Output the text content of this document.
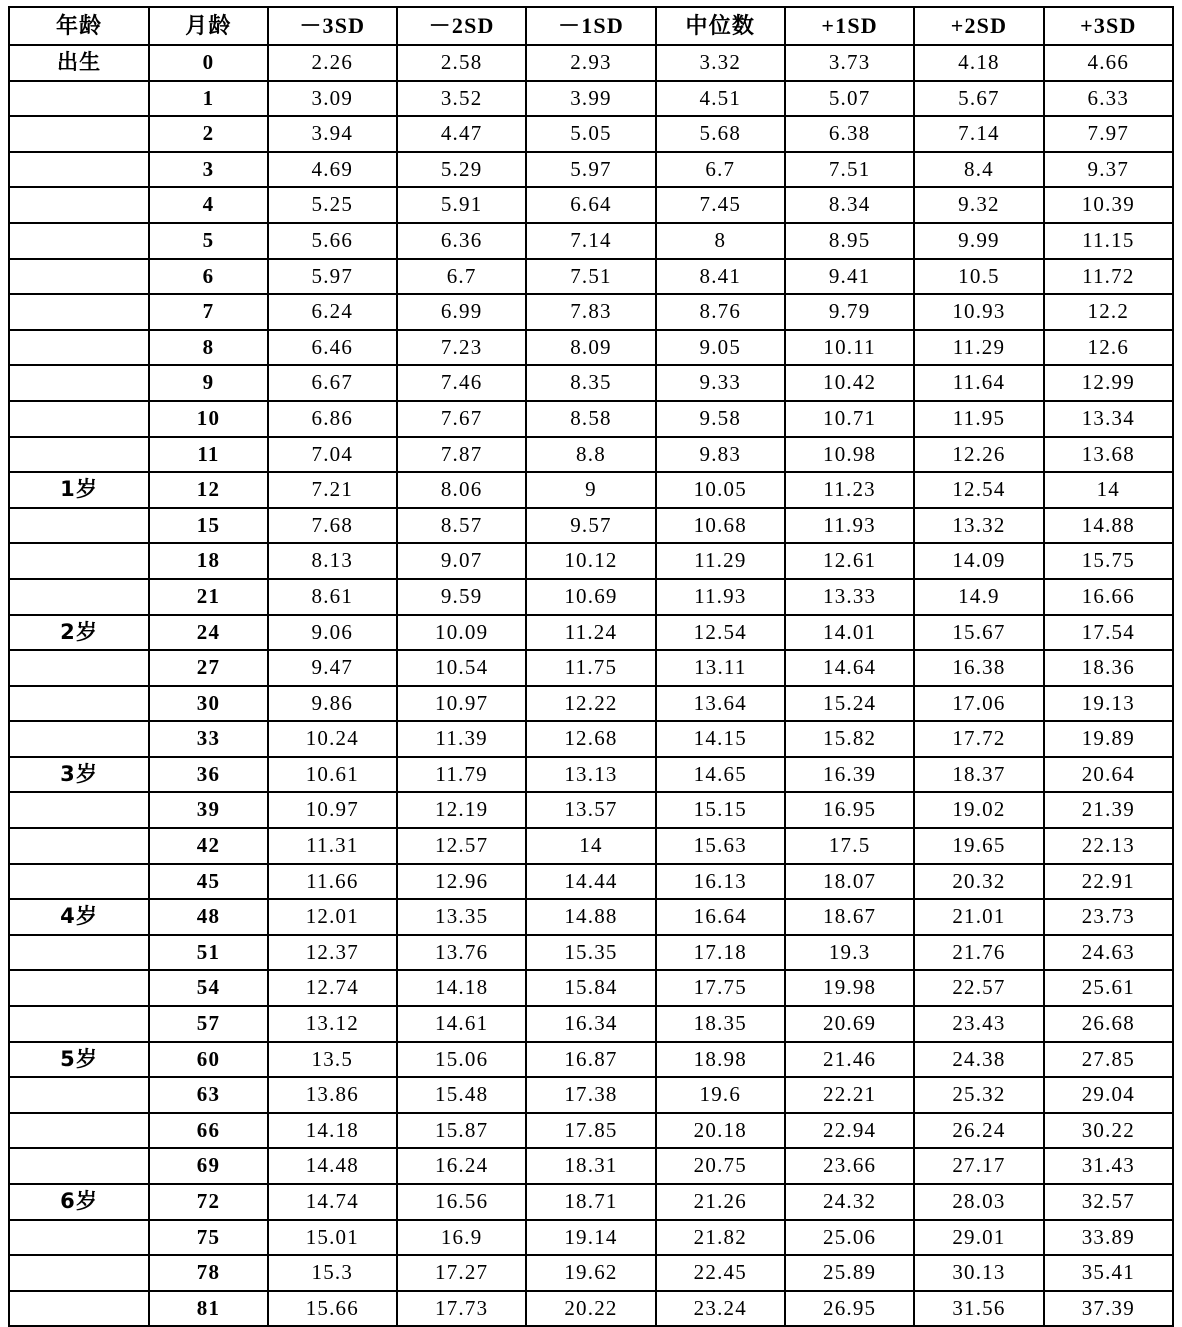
年龄	月龄	－3SD	－2SD	－1SD	中位数	+1SD	+2SD	+3SD
出生	0	2.26	2.58	2.93	3.32	3.73	4.18	4.66
	1	3.09	3.52	3.99	4.51	5.07	5.67	6.33
	2	3.94	4.47	5.05	5.68	6.38	7.14	7.97
	3	4.69	5.29	5.97	6.7	7.51	8.4	9.37
	4	5.25	5.91	6.64	7.45	8.34	9.32	10.39
	5	5.66	6.36	7.14	8	8.95	9.99	11.15
	6	5.97	6.7	7.51	8.41	9.41	10.5	11.72
	7	6.24	6.99	7.83	8.76	9.79	10.93	12.2
	8	6.46	7.23	8.09	9.05	10.11	11.29	12.6
	9	6.67	7.46	8.35	9.33	10.42	11.64	12.99
	10	6.86	7.67	8.58	9.58	10.71	11.95	13.34
	11	7.04	7.87	8.8	9.83	10.98	12.26	13.68
1岁	12	7.21	8.06	9	10.05	11.23	12.54	14
	15	7.68	8.57	9.57	10.68	11.93	13.32	14.88
	18	8.13	9.07	10.12	11.29	12.61	14.09	15.75
	21	8.61	9.59	10.69	11.93	13.33	14.9	16.66
2岁	24	9.06	10.09	11.24	12.54	14.01	15.67	17.54
	27	9.47	10.54	11.75	13.11	14.64	16.38	18.36
	30	9.86	10.97	12.22	13.64	15.24	17.06	19.13
	33	10.24	11.39	12.68	14.15	15.82	17.72	19.89
3岁	36	10.61	11.79	13.13	14.65	16.39	18.37	20.64
	39	10.97	12.19	13.57	15.15	16.95	19.02	21.39
	42	11.31	12.57	14	15.63	17.5	19.65	22.13
	45	11.66	12.96	14.44	16.13	18.07	20.32	22.91
4岁	48	12.01	13.35	14.88	16.64	18.67	21.01	23.73
	51	12.37	13.76	15.35	17.18	19.3	21.76	24.63
	54	12.74	14.18	15.84	17.75	19.98	22.57	25.61
	57	13.12	14.61	16.34	18.35	20.69	23.43	26.68
5岁	60	13.5	15.06	16.87	18.98	21.46	24.38	27.85
	63	13.86	15.48	17.38	19.6	22.21	25.32	29.04
	66	14.18	15.87	17.85	20.18	22.94	26.24	30.22
	69	14.48	16.24	18.31	20.75	23.66	27.17	31.43
6岁	72	14.74	16.56	18.71	21.26	24.32	28.03	32.57
	75	15.01	16.9	19.14	21.82	25.06	29.01	33.89
	78	15.3	17.27	19.62	22.45	25.89	30.13	35.41
	81	15.66	17.73	20.22	23.24	26.95	31.56	37.39
